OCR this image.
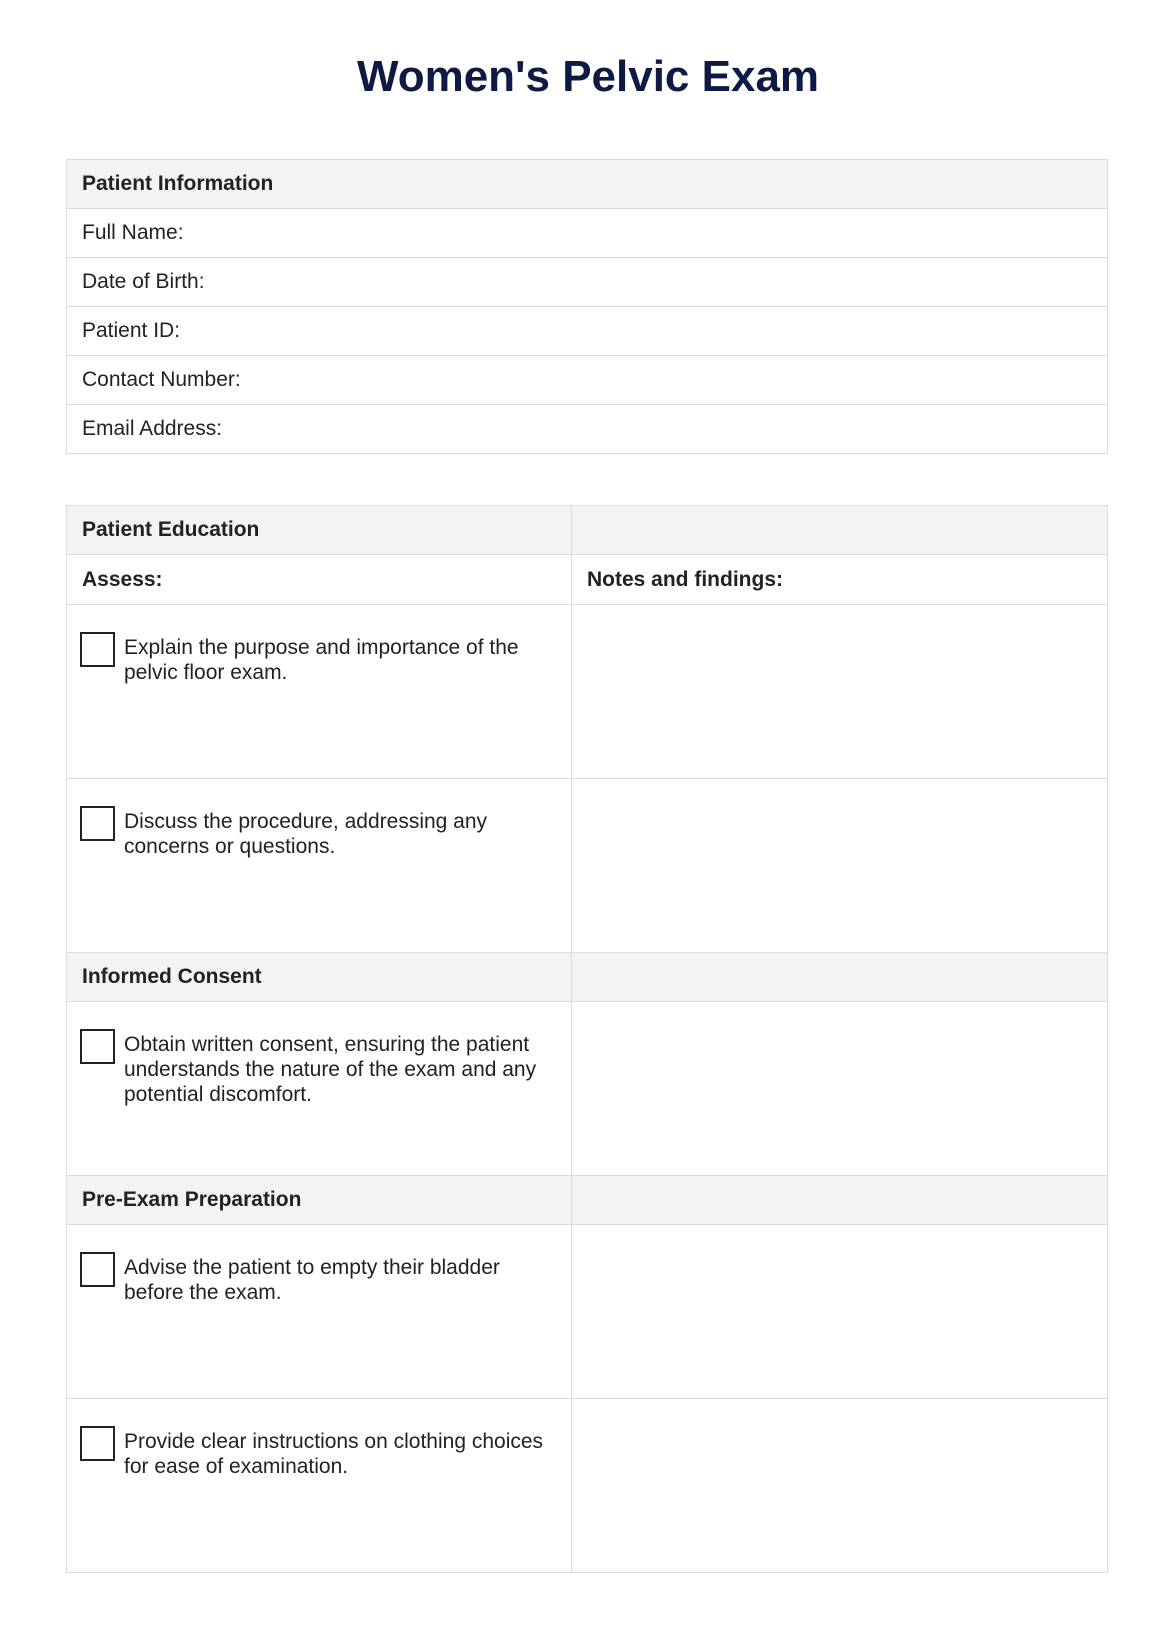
Women's Pelvic Exam
Patient Information
Full Name:
Date of Birth:
Patient ID:
Contact Number:
Email Address:
Patient Education	
Assess:	Notes and findings:

Explain the purpose and importance of the pelvic floor exam.	

Discuss the procedure, addressing any concerns or questions.	

Informed Consent	

Obtain written consent, ensuring the patient understands the nature of the exam and any potential discomfort.	

Pre-Exam Preparation	

Advise the patient to empty their bladder before the exam.	

Provide clear instructions on clothing choices for ease of examination.	
